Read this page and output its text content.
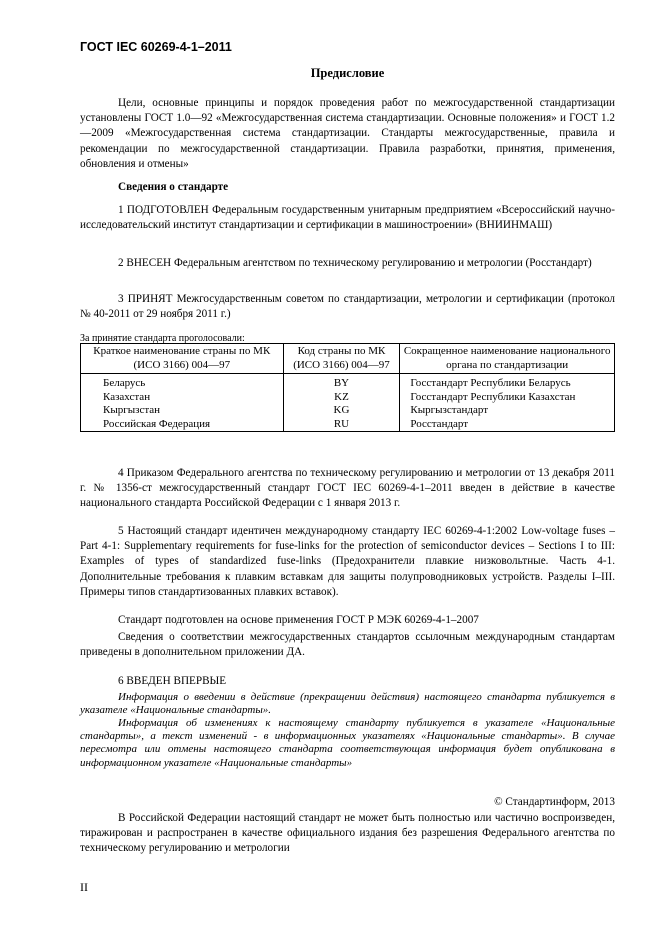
ГОСТ IEC 60269-4-1–2011
Предисловие

Цели, основные принципы и порядок проведения работ по межгосударственной стандартизации установлены ГОСТ 1.0—92 «Межгосударственная система стандартизации. Основные положения» и ГОСТ 1.2—2009 «Межгосударственная система стандартизации. Стандарты межгосударственные, правила и рекомендации по межгосударственной стандартизации. Правила разработки, принятия, применения, обновления и отмены»

Сведения о стандарте

1 ПОДГОТОВЛЕН Федеральным государственным унитарным предприятием «Всероссийский научно-исследовательский институт стандартизации и сертификации в машиностроении» (ВНИИНМАШ)

2 ВНЕСЕН Федеральным агентством по техническому регулированию и метрологии (Росстандарт)

3 ПРИНЯТ Межгосударственным советом по стандартизации, метрологии и сертификации (протокол № 40-2011 от 29 ноября 2011 г.)

За принятие стандарта проголосовали:
Краткое наименование страны по МК (ИСО 3166) 004—97	Код страны по МК (ИСО 3166) 004—97	Сокращенное наименование национального органа по стандартизации
Беларусь	BY	Госстандарт Республики Беларусь
Казахстан	KZ	Госстандарт Республики Казахстан
Кыргызстан	KG	Кыргызстандарт
Российская Федерация	RU	Росстандарт

4 Приказом Федерального агентства по техническому регулированию и метрологии от 13 декабря 2011 г. № 1356-ст межгосударственный стандарт ГОСТ IEC 60269-4-1–2011 введен в действие в качестве национального стандарта Российской Федерации с 1 января 2013 г.

5 Настоящий стандарт идентичен международному стандарту IEC 60269-4-1:2002 Low-voltage fuses – Part 4-1: Supplementary requirements for fuse-links for the protection of semiconductor devices – Sections I to III: Examples of types of standardized fuse-links (Предохранители плавкие низковольтные. Часть 4-1. Дополнительные требования к плавким вставкам для защиты полупроводниковых устройств. Разделы I–III. Примеры типов стандартизованных плавких вставок).

Стандарт подготовлен на основе применения ГОСТ Р МЭК 60269-4-1–2007

Сведения о соответствии межгосударственных стандартов ссылочным международным стандартам приведены в дополнительном приложении ДА.

6 ВВЕДЕН ВПЕРВЫЕ

Информация о введении в действие (прекращении действия) настоящего стандарта публикуется в указателе «Национальные стандарты».

Информация об изменениях к настоящему стандарту публикуется в указателе «Национальные стандарты», а текст изменений - в информационных указателях «Национальные стандарты». В случае пересмотра или отмены настоящего стандарта соответствующая информация будет опубликована в информационном указателе «Национальные стандарты»

© Стандартинформ, 2013

В Российской Федерации настоящий стандарт не может быть полностью или частично воспроизведен, тиражирован и распространен в качестве официального издания без разрешения Федерального агентства по техническому регулированию и метрологии

II
